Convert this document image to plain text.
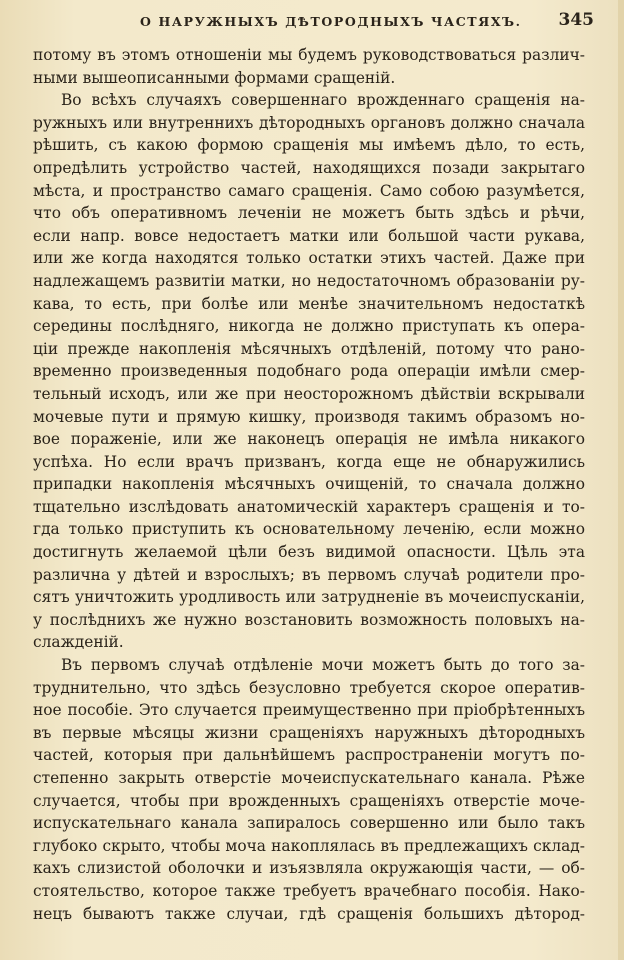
О НАРУЖНЫХЪ ДѢТОРОДНЫХЪ ЧАСТЯХЪ. 345
потому въ этомъ отношеніи мы будемъ руководствоваться различ-
ными вышеописанными формами сращеній.
Во всѣхъ случаяхъ совершеннаго врожденнаго сращенія на-
ружныхъ или внутреннихъ дѣтородныхъ органовъ должно сначала
рѣшить, съ какою формою сращенія мы имѣемъ дѣло, то есть,
опредѣлить устройство частей, находящихся позади закрытаго
мѣста, и пространство самаго сращенія. Само собою разумѣется,
что объ оперативномъ леченіи не можетъ быть здѣсь и рѣчи,
если напр. вовсе недостаетъ матки или большой части рукава,
или же когда находятся только остатки этихъ частей. Даже при
надлежащемъ развитіи матки, но недостаточномъ образованіи ру-
кава, то есть, при болѣе или менѣе значительномъ недостаткѣ
середины послѣдняго, никогда не должно приступать къ опера-
ціи прежде накопленія мѣсячныхъ отдѣленій, потому что рано-
временно произведенныя подобнаго рода операціи имѣли смер-
тельный исходъ, или же при неосторожномъ дѣйствіи вскрывали
мочевые пути и прямую кишку, производя такимъ образомъ но-
вое пораженіе, или же наконецъ операція не имѣла никакого
успѣха. Но если врачъ призванъ, когда еще не обнаружились
припадки накопленія мѣсячныхъ очищеній, то сначала должно
тщательно изслѣдовать анатомическій характеръ сращенія и то-
гда только приступить къ основательному леченію, если можно
достигнуть желаемой цѣли безъ видимой опасности. Цѣль эта
различна у дѣтей и взрослыхъ; въ первомъ случаѣ родители про-
сятъ уничтожить уродливость или затрудненіе въ мочеиспусканіи,
у послѣднихъ же нужно возстановить возможность половыхъ на-
слажденій.
Въ первомъ случаѣ отдѣленіе мочи можетъ быть до того за-
труднительно, что здѣсь безусловно требуется скорое оператив-
ное пособіе. Это случается преимущественно при пріобрѣтенныхъ
въ первые мѣсяцы жизни сращеніяхъ наружныхъ дѣтородныхъ
частей, которыя при дальнѣйшемъ распространеніи могутъ по-
степенно закрыть отверстіе мочеиспускательнаго канала. Рѣже
случается, чтобы при врожденныхъ сращеніяхъ отверстіе моче-
испускательнаго канала запиралось совершенно или было такъ
глубоко скрыто, чтобы моча накоплялась въ предлежащихъ склад-
кахъ слизистой оболочки и изъязвляла окружающія части, — об-
стоятельство, которое также требуетъ врачебнаго пособія. Нако-
нецъ бываютъ также случаи, гдѣ сращенія большихъ дѣтород-
